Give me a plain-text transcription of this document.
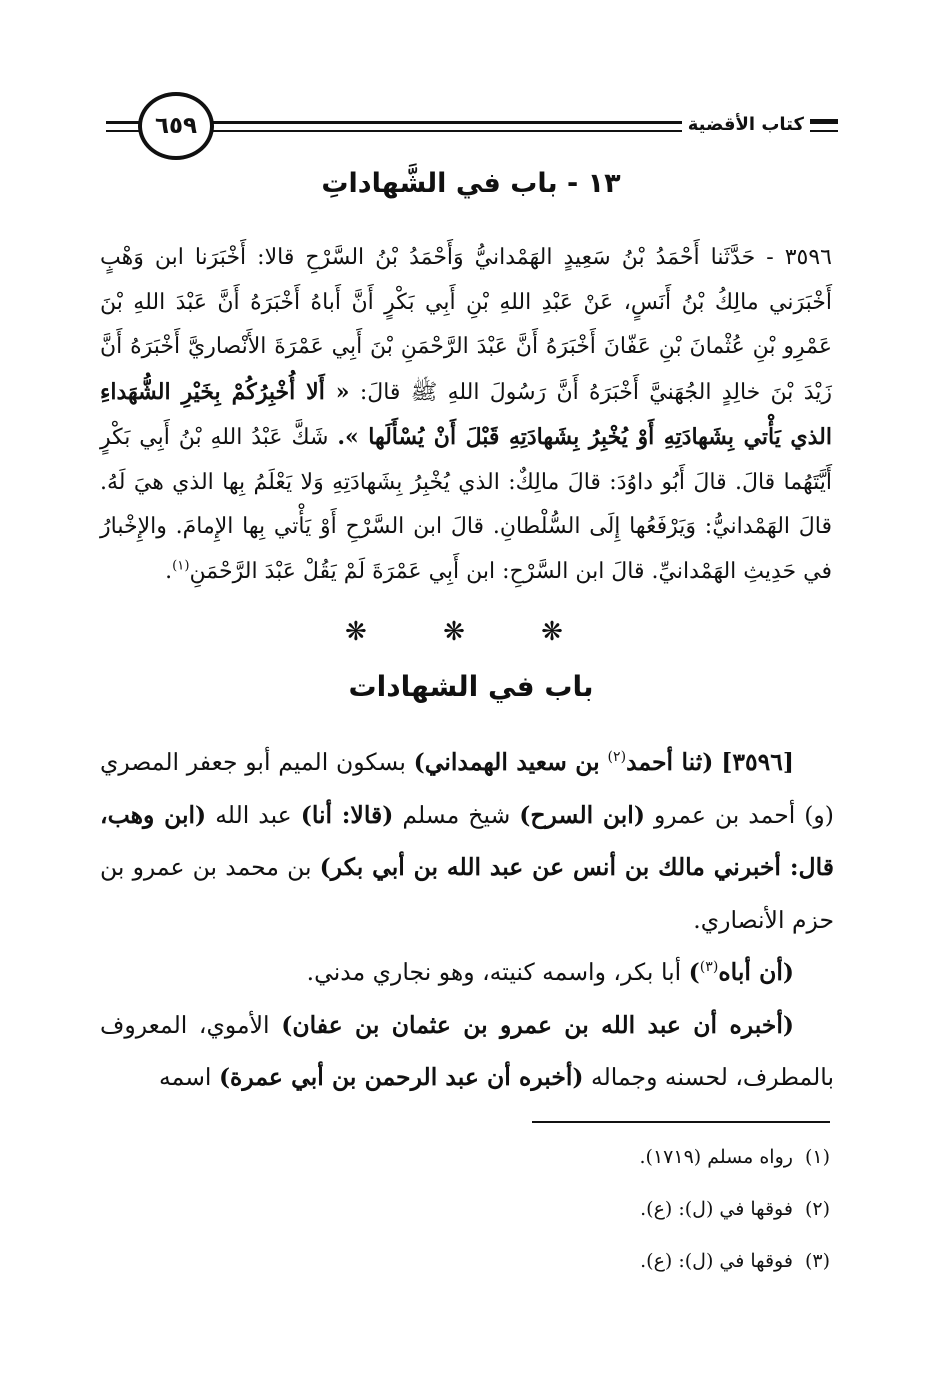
كتاب الأقضية
٦٥٩
١٣ - باب في الشَّهاداتِ
٣٥٩٦ - حَدَّثَنا أَحْمَدُ بْنُ سَعِيدٍ الهَمْدانيُّ وَأَحْمَدُ بْنُ السَّرْحِ قالا: أَخْبَرَنا ابن وَهْبٍ أَخْبَرَني مالِكُ بْنُ أَنَسٍ، عَنْ عَبْدِ اللهِ بْنِ أَبِي بَكْرٍ أَنَّ أَباهُ أَخْبَرَهُ أَنَّ عَبْدَ اللهِ بْنَ عَمْرِو بْنِ عُثْمانَ بْنِ عَفّانَ أَخْبَرَهُ أَنَّ عَبْدَ الرَّحْمَنِ بْنَ أَبِي عَمْرَةَ الأَنْصاريَّ أَخْبَرَهُ أَنَّ زَيْدَ بْنَ خالِدٍ الجُهَنيَّ أَخْبَرَهُ أَنَّ رَسُولَ اللهِ ﷺ قالَ: « أَلا أُخْبِرُكُمْ بِخَيْرِ الشُّهَداءِ الذي يَأْتي بِشَهادَتِهِ أَوْ يُخْبِرُ بِشَهادَتِهِ قَبْلَ أَنْ يُسْأَلَها ». شَكَّ عَبْدُ اللهِ بْنُ أَبِي بَكْرٍ أَيَّتَهُما قالَ. قالَ أَبُو داوُدَ: قالَ مالِكٌ: الذي يُخْبِرُ بِشَهادَتِهِ وَلا يَعْلَمُ بِها الذي هيَ لَهُ. قالَ الهَمْدانيُّ: وَيَرْفَعُها إِلَى السُّلْطانِ. قالَ ابن السَّرْحِ أَوْ يَأْتي بِها الإِمامَ. والإِخْبارُ في حَدِيثِ الهَمْدانيِّ. قالَ ابن السَّرْحِ: ابن أَبِي عَمْرَةَ لَمْ يَقُلْ عَبْدَ الرَّحْمَنِ$^{(١)}$.
❋ ❋ ❋
باب في الشهادات

[٣٥٩٦] (ثنا أحمد$^{(٢)}$ بن سعيد الهمداني) بسكون الميم أبو جعفر المصري (و) أحمد بن عمرو (ابن السرح) شيخ مسلم (قالا: أنا) عبد الله (ابن وهب، قال: أخبرني مالك بن أنس عن عبد الله بن أبي بكر) بن محمد بن عمرو بن حزم الأنصاري.

(أن أباه$^{(٣)}$) أبا بكر، واسمه كنيته، وهو نجاري مدني.

(أخبره أن عبد الله بن عمرو بن عثمان بن عفان) الأموي، المعروف بالمطرف، لحسنه وجماله (أخبره أن عبد الرحمن بن أبي عمرة) اسمه

(١)رواه مسلم (١٧١٩).
(٢)فوقها في (ل): (ع).
(٣)فوقها في (ل): (ع).
